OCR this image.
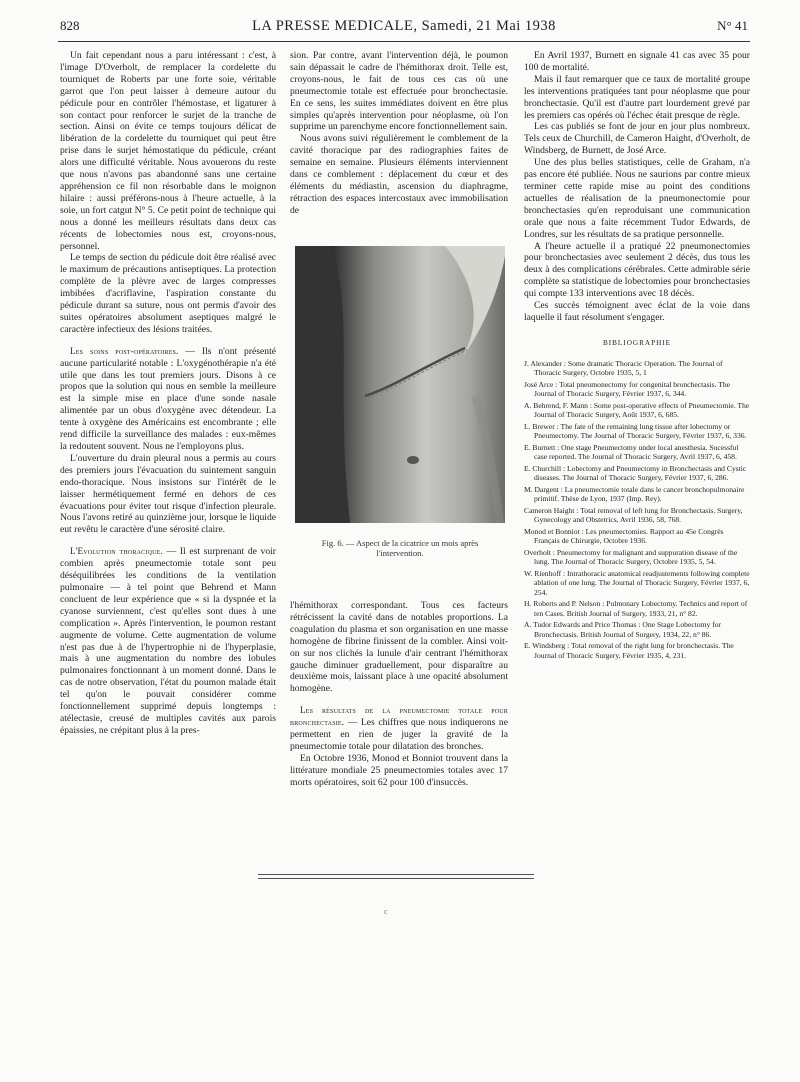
828	LA PRESSE MEDICALE, Samedi, 21 Mai 1938	N° 41

Un fait cependant nous a paru intéressant : c'est, à l'image D'Overholt, de remplacer la cordelette du tourniquet de Roberts par une forte soie, véritable garrot que l'on peut laisser à demeure autour du pédicule pour en contrôler l'hémostase, et ligaturer à son contact pour renforcer le surjet de la tranche de section. Ainsi on évite ce temps toujours délicat de libération de la cordelette du tourniquet qui peut être prise dans le surjet hémostatique du pédicule, créant alors une difficulté véritable. Nous avouerons du reste que nous n'avons pas abandonné sans une certaine appréhension ce fil non résorbable dans le moignon hilaire : aussi préférons-nous à l'heure actuelle, à la soie, un fort catgut N° 5. Ce petit point de technique qui nous a donné les meilleurs résultats dans deux cas récents de lobectomies nous est, croyons-nous, personnel.

Le temps de section du pédicule doit être réalisé avec le maximum de précautions antiseptiques. La protection complète de la plèvre avec de larges compresses imbibées d'acriflavine, l'aspiration constante du pédicule durant sa suture, nous ont permis d'avoir des suites opératoires absolument aseptiques malgré le caractère infectieux des lésions traitées.

Les soins post-opératoires. — Ils n'ont présenté aucune particularité notable : L'oxygénothérapie n'a été utile que dans les tout premiers jours. Disons à ce propos que la solution qui nous en semble la meilleure est la simple mise en place d'une sonde nasale alimentée par un obus d'oxygène avec détendeur. La tente à oxygène des Américains est encombrante ; elle rend difficile la surveillance des malades : eux-mêmes la redoutent souvent. Nous ne l'employons plus.

L'ouverture du drain pleural nous a permis au cours des premiers jours l'évacuation du suintement sanguin endo-thoracique. Nous insistons sur l'intérêt de le laisser hermétiquement fermé en dehors de ces évacuations pour éviter tout risque d'infection pleurale. Nous l'avons retiré au quinzième jour, lorsque le liquide eut revêtu le caractère d'une sérosité claire.

L'Evolution thoracique. — Il est surprenant de voir combien après pneumectomie totale sont peu déséquilibrées les conditions de la ventilation pulmonaire — à tel point que Behrend et Mann concluent de leur expérience que « si la dyspnée et la cyanose surviennent, c'est qu'elles sont dues à une complication ». Après l'intervention, le poumon restant augmente de volume. Cette augmentation de volume n'est pas due à de l'hypertrophie ni de l'hyperplasie, mais à une augmentation du nombre des lobules pulmonaires fonctionnant à un moment donné. Dans le cas de notre observation, l'état du poumon malade était tel qu'on le pouvait considérer comme fonctionnellement supprimé depuis longtemps : atélectasie, creusé de multiples cavités aux parois épaissies, ne crépitant plus à la pres-

sion. Par contre, avant l'intervention déjà, le poumon sain dépassait le cadre de l'hémithorax droit. Telle est, croyons-nous, le fait de tous ces cas où une pneumectomie totale est effectuée pour bronchectasie. En ce sens, les suites immédiates doivent en être plus simples qu'après intervention pour néoplasme, où l'on supprime un parenchyme encore fonctionnellement sain.

Nous avons suivi régulièrement le comblement de la cavité thoracique par des radiographies faites de semaine en semaine. Plusieurs éléments interviennent dans ce comblement : déplacement du cœur et des éléments du médiastin, ascension du diaphragme, rétraction des espaces intercostaux avec immobilisation de

Fig. 6. — Aspect de la cicatrice un mois après l'intervention.

l'hémithorax correspondant. Tous ces facteurs rétrécissent la cavité dans de notables proportions. La coagulation du plasma et son organisation en une masse homogène de fibrine finissent de la combler. Ainsi voit-on sur nos clichés la lunule d'air centrant l'hémithorax gauche diminuer graduellement, pour disparaître au deuxième mois, laissant place à une opacité absolument homogène.

Les résultats de la pneumectomie totale pour bronchectasie. — Les chiffres que nous indiquerons ne permettent en rien de juger la gravité de la pneumectomie totale pour dilatation des bronches.

En Octobre 1936, Monod et Bonniot trouvent dans la littérature mondiale 25 pneumectomies totales avec 17 morts opératoires, soit 62 pour 100 d'insuccès.

En Avril 1937, Burnett en signale 41 cas avec 35 pour 100 de mortalité.

Mais il faut remarquer que ce taux de mortalité groupe les interventions pratiquées tant pour néoplasme que pour bronchectasie. Qu'il est d'autre part lourdement grevé par les premiers cas opérés où l'échec était presque de règle.

Les cas publiés se font de jour en jour plus nombreux. Tels ceux de Churchill, de Cameron Haight, d'Overholt, de Windsberg, de Burnett, de José Arce.

Une des plus belles statistiques, celle de Graham, n'a pas encore été publiée. Nous ne saurions par contre mieux terminer cette rapide mise au point des conditions actuelles de réalisation de la pneumonectomie pour bronchectasies qu'en reproduisant une communication orale que nous a faite récemment Tudor Edwards, de Londres, sur les résultats de sa pratique personnelle.

A l'heure actuelle il a pratiqué 22 pneumonectomies pour bronchectasies avec seulement 2 décès, dus tous les deux à des complications cérébrales. Cette admirable série complète sa statistique de lobectomies pour bronchectasies qui compte 133 interventions avec 18 décès.

Ces succès témoignent avec éclat de la voie dans laquelle il faut résolument s'engager.

BIBLIOGRAPHIE
J. Alexander : Some dramatic Thoracic Operation. The Journal of Thoracic Surgery, Octobre 1935, 5, 1
José Arce : Total pneumonectomy for congenital bronchectasis. The Journal of Thoracic Surgery, Février 1937, 6, 344.
A. Behrend, F. Mann : Some post-operative effects of Pneumectomie. The Journal of Thoracic Surgery, Août 1937, 6, 685.
L. Brewer : The fate of the remaining lung tissue after lobectomy or Pneumectomy. The Journal of Thoracic Surgery, Février 1937, 6, 336.
E. Burnett : One stage Pneumectomy under local anesthesia. Sucessful case reported. The Journal of Thoracic Surgery, Avril 1937, 6, 458.
E. Churchill : Lobectomy and Pneumectomy in Bronchectasis and Cystic diseases. The Journal of Thoracic Surgery, Février 1937, 6, 286.
M. Dargent : La pneumectomie totale dans le cancer bronchopulmonaire primitif. Thèse de Lyon, 1937 (Imp. Rey).
Cameron Haight : Total removal of left lung for Bronchectasis. Surgery, Gynecology and Obstetrics, Avril 1936, 58, 768.
Monod et Bonniot : Les pneumectomies. Rapport au 45e Congrès Français de Chirurgie, Octobre 1936.
Overholt : Pneumectomy for malignant and suppuration disease of the lung. The Journal of Thoracic Surgery, Octobre 1935, 5, 54.
W. Rienhoff : Intrathoracic anatomical readjustements following complete ablation of one lung. The Journal of Thoracic Surgery, Février 1937, 6, 254.
H. Roberts and P. Nelson : Pulmonary Lobectomy. Technics and report of ten Cases. British Journal of Surgery, 1933, 21, n° 82.
A. Tudor Edwards and Price Thomas : One Stage Lobectomy for Bronchectasis. British Journal of Surgery, 1934, 22, n° 86.
E. Windsberg : Total removal of the right lung for bronchectasis. The Journal of Thoracic Surgery, Février 1935, 4, 231.
c
